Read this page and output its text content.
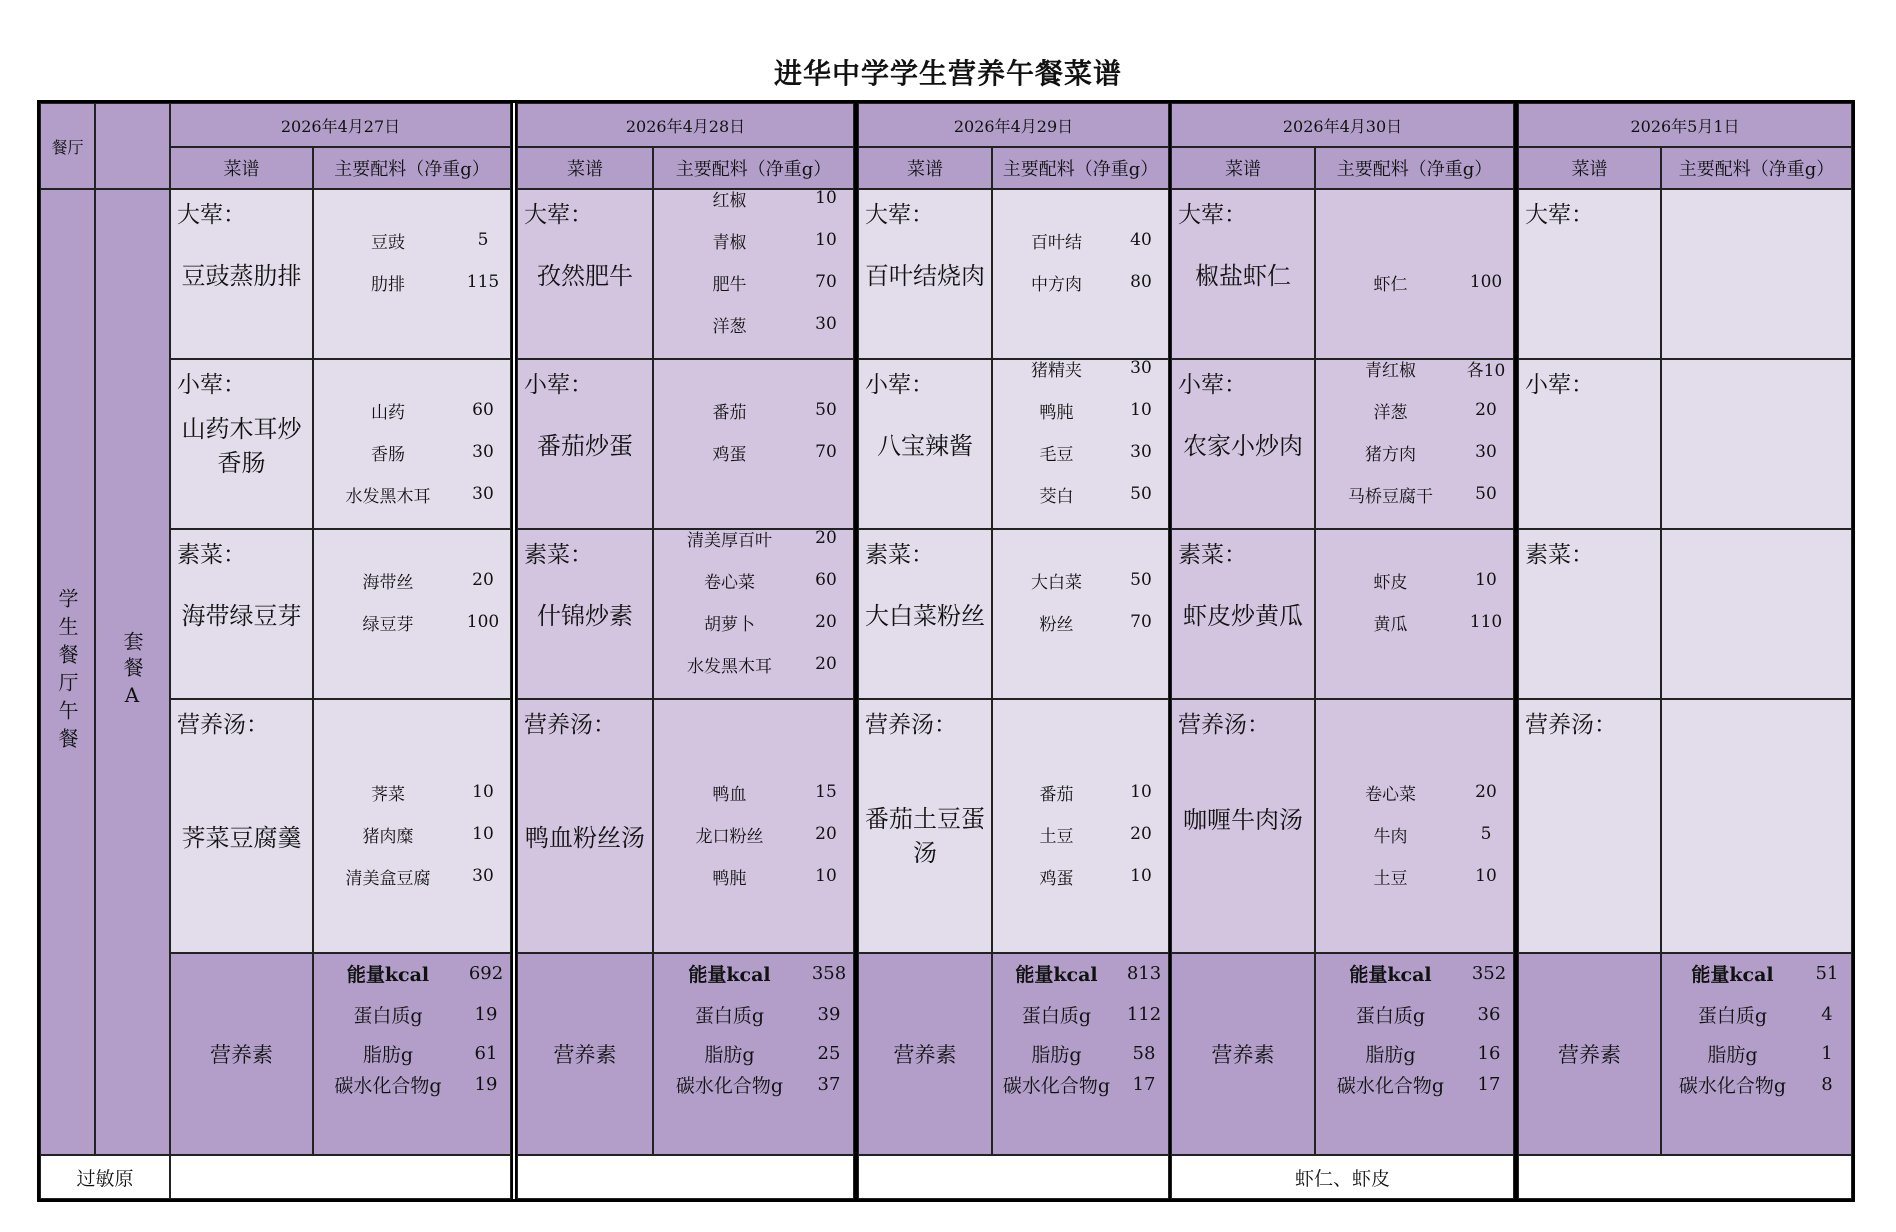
进华中学学生营养午餐菜谱
餐厅
学生餐厅午餐 套餐A
过敏原
2026年4月27日
菜谱	主要配料（净重g）
大荤：
豆豉蒸肋排
豆豉	5
肋排	115
小荤：
山药木耳炒香肠
山药	60
香肠	30
水发黑木耳	30
素菜：
海带绿豆芽
海带丝	20
绿豆芽	100
营养汤：
荠菜豆腐羹
荠菜	10
猪肉糜	10
清美盒豆腐	30
营养素
能量kcal	692
蛋白质g	19
脂肪g	61
碳水化合物g	19
2026年4月28日
菜谱	主要配料（净重g）
大荤：
孜然肥牛
红椒	10
青椒	10
肥牛	70
洋葱	30
小荤：
番茄炒蛋
番茄	50
鸡蛋	70
素菜：
什锦炒素
清美厚百叶	20
卷心菜	60
胡萝卜	20
水发黑木耳	20
营养汤：
鸭血粉丝汤
鸭血	15
龙口粉丝	20
鸭肫	10
营养素
能量kcal	358
蛋白质g	39
脂肪g	25
碳水化合物g	37
2026年4月29日
菜谱	主要配料（净重g）
大荤：
百叶结烧肉
百叶结	40
中方肉	80
小荤：
八宝辣酱
猪精夹	30
鸭肫	10
毛豆	30
茭白	50
素菜：
大白菜粉丝
大白菜	50
粉丝	70
营养汤：
番茄土豆蛋汤
番茄	10
土豆	20
鸡蛋	10
营养素
能量kcal	813
蛋白质g	112
脂肪g	58
碳水化合物g	17
2026年4月30日
菜谱	主要配料（净重g）
大荤：
椒盐虾仁	虾仁	100
小荤：
农家小炒肉
青红椒	各10
洋葱	20
猪方肉	30
马桥豆腐干	50
素菜：
虾皮炒黄瓜
虾皮	10
黄瓜	110
营养汤：
咖喱牛肉汤
卷心菜	20
牛肉	5
土豆	10
营养素
能量kcal	352
蛋白质g	36
脂肪g	16
碳水化合物g	17
虾仁、虾皮
2026年5月1日
菜谱	主要配料（净重g）
大荤：
小荤：
素菜：
营养汤：
营养素
能量kcal	51
蛋白质g	4
脂肪g	1
碳水化合物g	8
